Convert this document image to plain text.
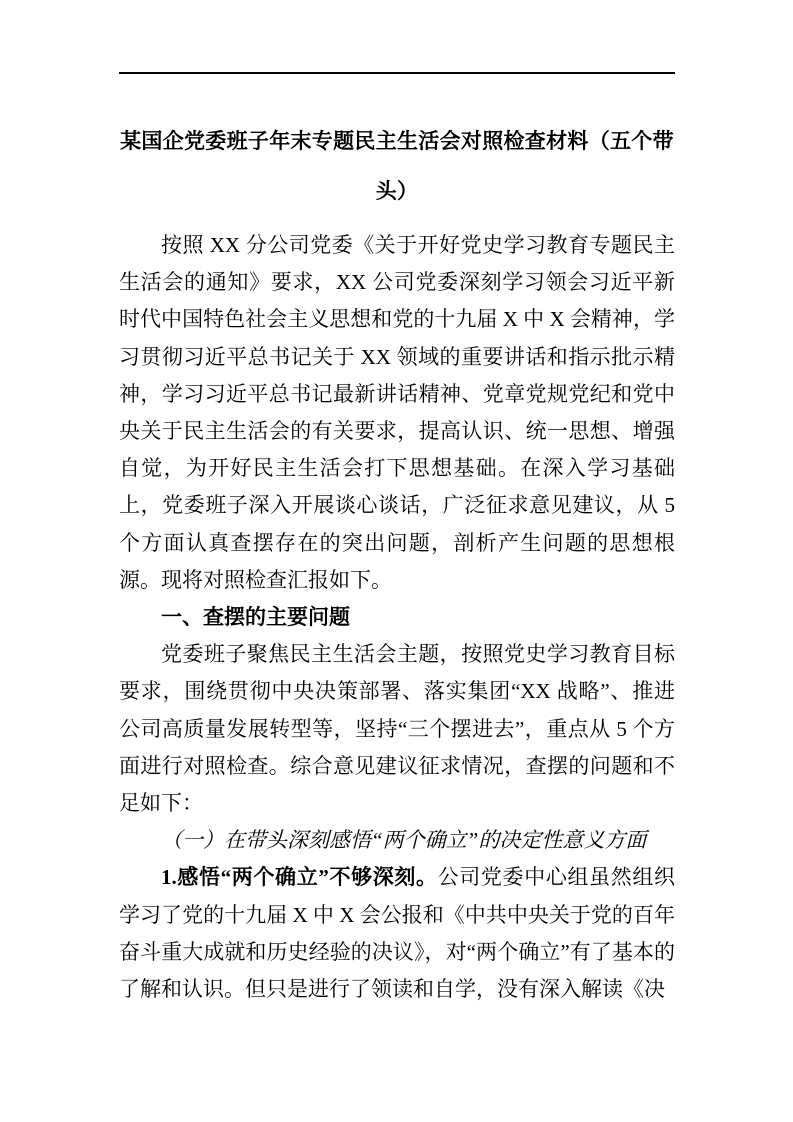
某国企党委班子年末专题民主生活会对照检查材料（五个带头）

按照 XX 分公司党委《关于开好党史学习教育专题民主生活会的通知》要求，XX 公司党委深刻学习领会习近平新时代中国特色社会主义思想和党的十九届 X 中 X 会精神，学习贯彻习近平总书记关于 XX 领域的重要讲话和指示批示精神，学习习近平总书记最新讲话精神、党章党规党纪和党中央关于民主生活会的有关要求，提高认识、统一思想、增强自觉，为开好民主生活会打下思想基础。在深入学习基础上，党委班子深入开展谈心谈话，广泛征求意见建议，从 5 个方面认真查摆存在的突出问题，剖析产生问题的思想根源。现将对照检查汇报如下。

一、查摆的主要问题

党委班子聚焦民主生活会主题，按照党史学习教育目标要求，围绕贯彻中央决策部署、落实集团“XX 战略”、推进公司高质量发展转型等，坚持“三个摆进去”，重点从 5 个方面进行对照检查。综合意见建议征求情况，查摆的问题和不足如下：

（一）在带头深刻感悟“两个确立”的决定性意义方面

1.感悟“两个确立”不够深刻。公司党委中心组虽然组织学习了党的十九届 X 中 X 会公报和《中共中央关于党的百年奋斗重大成就和历史经验的决议》，对“两个确立”有了基本的了解和认识。但只是进行了领读和自学，没有深入解读《决
